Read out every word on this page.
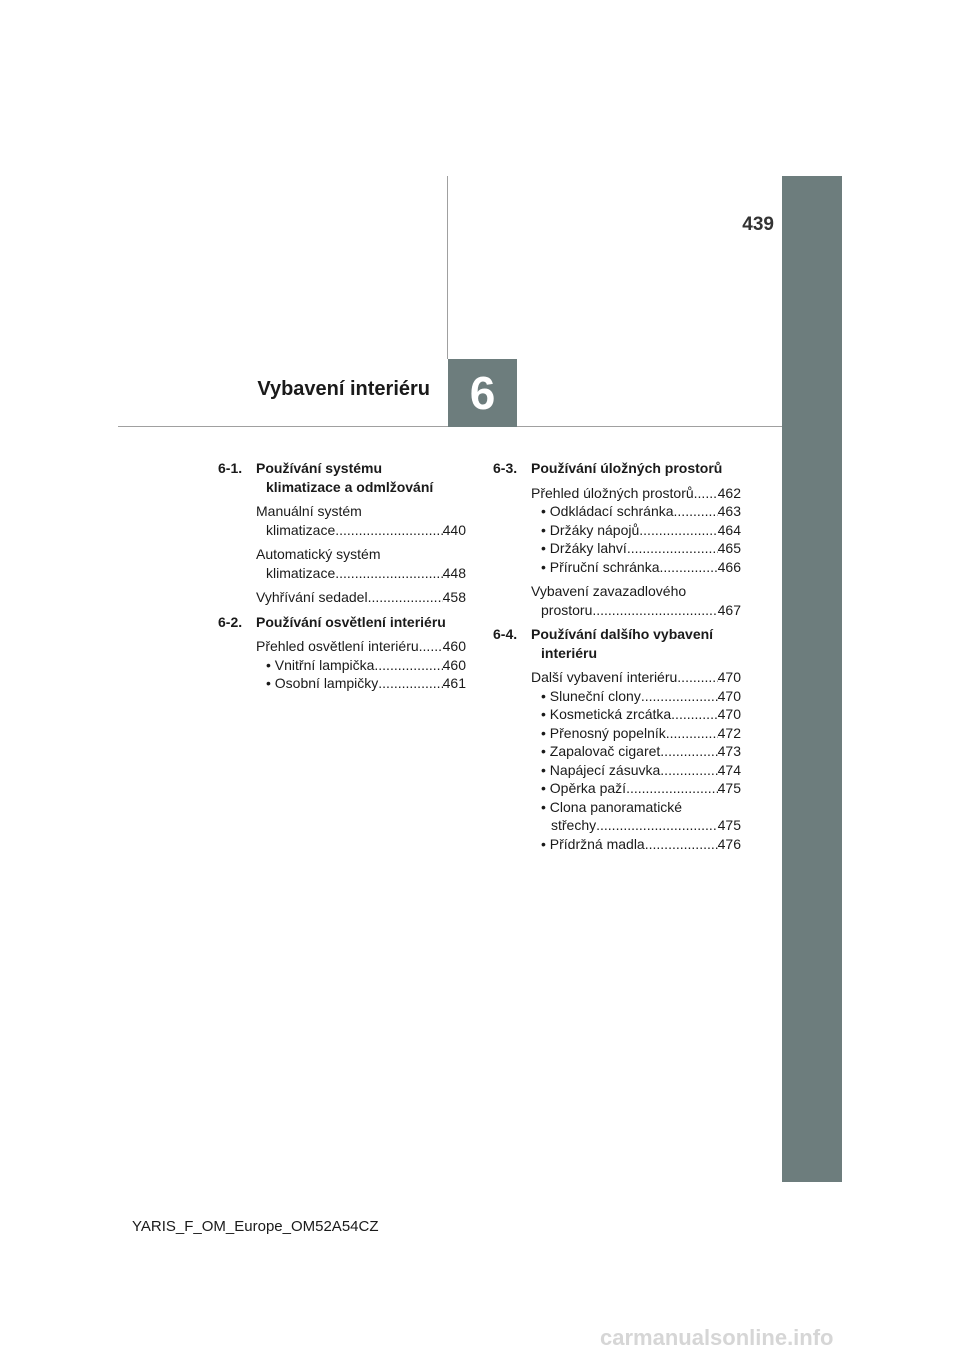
439
Vybavení interiéru 6
6-1. Používání systému
klimatizace a odmlžování
Manuální systém
klimatizace .....	440
Automatický systém
klimatizace .....	448
Vyhřívání sedadel .....	458
6-2. Používání osvětlení interiéru
Přehled osvětlení interiéru ..... 460
• Vnitřní lampička .....	460
• Osobní lampičky .....	461
6-3. Používání úložných prostorů
Přehled úložných prostorů ..... 462
• Odkládací schránka .....	463
• Držáky nápojů .....	464
• Držáky lahví .....	465
• Příruční schránka .....	466
Vybavení zavazadlového
prostoru .....	467
6-4. Používání dalšího vybavení
interiéru
Další vybavení interiéru .....	470
• Sluneční clony .....	470
• Kosmetická zrcátka .....	470
• Přenosný popelník .....	472
• Zapalovač cigaret .....	473
• Napájecí zásuvka .....	474
• Opěrka paží .....	475
• Clona panoramatické
střechy .....	475
• Přídržná madla .....	476
YARIS_F_OM_Europe_OM52A54CZ
carmanualsonline.info
